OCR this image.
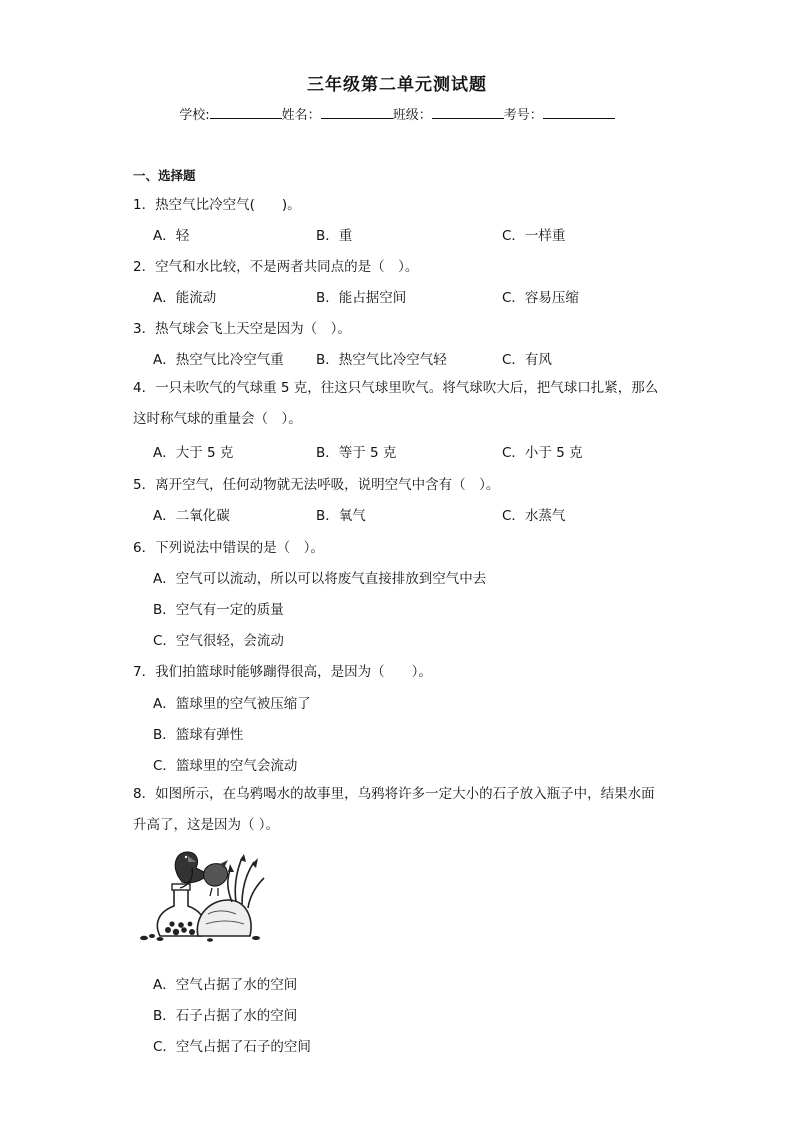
三年级第二单元测试题
学校:	姓名：	班级：	考号：
一、选择题
1．热空气比冷空气(　　)。
A．轻	B．重	C．一样重
2．空气和水比较，不是两者共同点的是（　）。
A．能流动	B．能占据空间	C．容易压缩
3．热气球会飞上天空是因为（　）。
A．热空气比冷空气重 B．热空气比冷空气轻	C．有风
4．一只未吹气的气球重 5 克，往这只气球里吹气。将气球吹大后，把气球口扎紧，那么这时称气球的重量会（　）。
A．大于 5 克	B．等于 5 克	C．小于 5 克
5．离开空气，任何动物就无法呼吸，说明空气中含有（　）。
A．二氧化碳	B．氧气	C．水蒸气
6．下列说法中错误的是（　）。
A．空气可以流动，所以可以将废气直接排放到空气中去
B．空气有一定的质量
C．空气很轻，会流动
7．我们拍篮球时能够蹦得很高，是因为（　　）。
A．篮球里的空气被压缩了
B．篮球有弹性
C．篮球里的空气会流动
8．如图所示，在乌鸦喝水的故事里，乌鸦将许多一定大小的石子放入瓶子中，结果水面升高了，这是因为（ ）。
A．空气占据了水的空间
B．石子占据了水的空间
C．空气占据了石子的空间
